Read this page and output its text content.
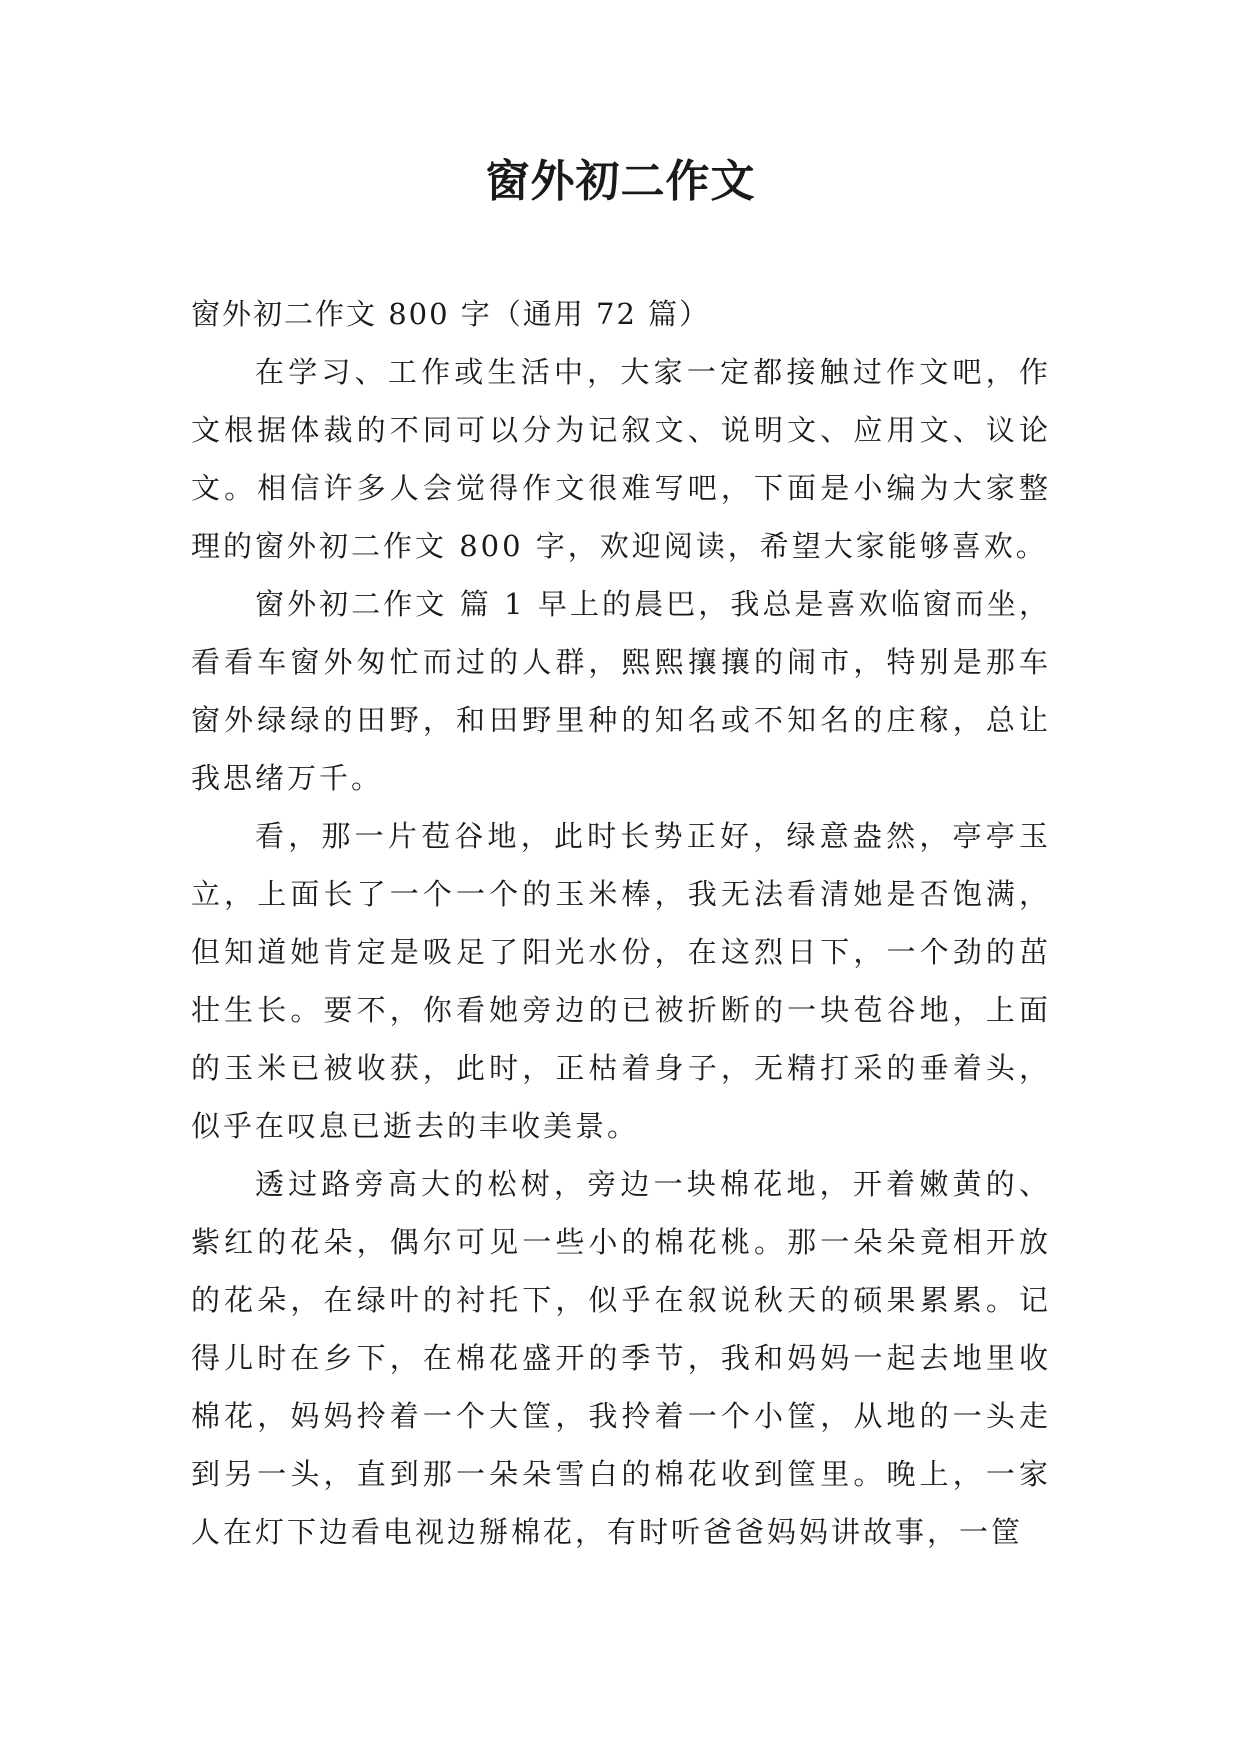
窗外初二作文

窗外初二作文 800 字（通用 72 篇）

在学习、工作或生活中，大家一定都接触过作文吧，作文根据体裁的不同可以分为记叙文、说明文、应用文、议论文。相信许多人会觉得作文很难写吧，下面是小编为大家整理的窗外初二作文 800 字，欢迎阅读，希望大家能够喜欢。

窗外初二作文 篇 1 早上的晨巴，我总是喜欢临窗而坐，看看车窗外匆忙而过的人群，熙熙攘攘的闹市，特别是那车窗外绿绿的田野，和田野里种的知名或不知名的庄稼，总让我思绪万千。

看，那一片苞谷地，此时长势正好，绿意盎然，亭亭玉立，上面长了一个一个的玉米棒，我无法看清她是否饱满，但知道她肯定是吸足了阳光水份，在这烈日下，一个劲的茁壮生长。要不，你看她旁边的已被折断的一块苞谷地，上面的玉米已被收获，此时，正枯着身子，无精打采的垂着头，似乎在叹息已逝去的丰收美景。

透过路旁高大的松树，旁边一块棉花地，开着嫩黄的、紫红的花朵，偶尔可见一些小的棉花桃。那一朵朵竟相开放的花朵，在绿叶的衬托下，似乎在叙说秋天的硕果累累。记得儿时在乡下，在棉花盛开的季节，我和妈妈一起去地里收棉花，妈妈拎着一个大筐，我拎着一个小筐，从地的一头走到另一头，直到那一朵朵雪白的棉花收到筐里。晚上，一家人在灯下边看电视边掰棉花，有时听爸爸妈妈讲故事，一筐
